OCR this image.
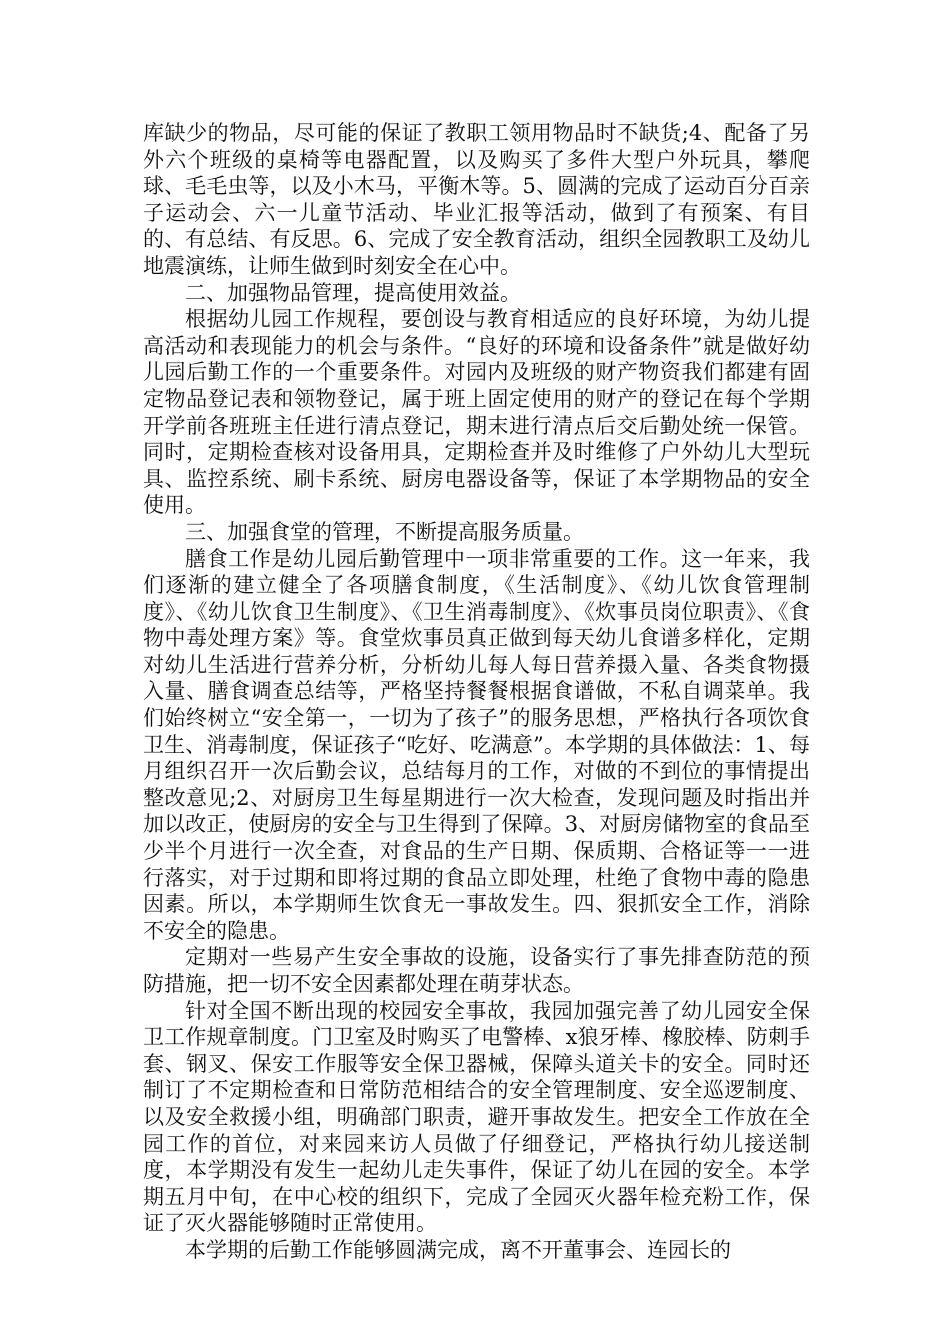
库缺少的物品，尽可能的保证了教职工领用物品时不缺货;4、配备了另外六个班级的桌椅等电器配置，以及购买了多件大型户外玩具，攀爬球、毛毛虫等，以及小木马，平衡木等。5、圆满的完成了运动百分百亲子运动会、六一儿童节活动、毕业汇报等活动，做到了有预案、有目的、有总结、有反思。6、完成了安全教育活动，组织全园教职工及幼儿地震演练，让师生做到时刻安全在心中。

二、加强物品管理，提高使用效益。

根据幼儿园工作规程，要创设与教育相适应的良好环境，为幼儿提高活动和表现能力的机会与条件。“良好的环境和设备条件”就是做好幼儿园后勤工作的一个重要条件。对园内及班级的财产物资我们都建有固定物品登记表和领物登记，属于班上固定使用的财产的登记在每个学期开学前各班班主任进行清点登记，期末进行清点后交后勤处统一保管。同时，定期检查核对设备用具，定期检查并及时维修了户外幼儿大型玩具、监控系统、刷卡系统、厨房电器设备等，保证了本学期物品的安全使用。

三、加强食堂的管理，不断提高服务质量。

膳食工作是幼儿园后勤管理中一项非常重要的工作。这一年来，我们逐渐的建立健全了各项膳食制度，《生活制度》、《幼儿饮食管理制度》、《幼儿饮食卫生制度》、《卫生消毒制度》、《炊事员岗位职责》、《食物中毒处理方案》等。食堂炊事员真正做到每天幼儿食谱多样化，定期对幼儿生活进行营养分析，分析幼儿每人每日营养摄入量、各类食物摄入量、膳食调查总结等，严格坚持餐餐根据食谱做，不私自调菜单。我们始终树立“安全第一，一切为了孩子”的服务思想，严格执行各项饮食卫生、消毒制度，保证孩子“吃好、吃满意”。本学期的具体做法：1、每月组织召开一次后勤会议，总结每月的工作，对做的不到位的事情提出整改意见;2、对厨房卫生每星期进行一次大检查，发现问题及时指出并加以改正，使厨房的安全与卫生得到了保障。3、对厨房储物室的食品至少半个月进行一次全查，对食品的生产日期、保质期、合格证等一一进行落实，对于过期和即将过期的食品立即处理，杜绝了食物中毒的隐患因素。所以，本学期师生饮食无一事故发生。四、狠抓安全工作，消除不安全的隐患。

定期对一些易产生安全事故的设施，设备实行了事先排查防范的预防措施，把一切不安全因素都处理在萌芽状态。

针对全国不断出现的校园安全事故，我园加强完善了幼儿园安全保卫工作规章制度。门卫室及时购买了电警棒、x狼牙棒、橡胶棒、防刺手套、钢叉、保安工作服等安全保卫器械，保障头道关卡的安全。同时还制订了不定期检查和日常防范相结合的安全管理制度、安全巡逻制度、以及安全救援小组，明确部门职责，避开事故发生。把安全工作放在全园工作的首位，对来园来访人员做了仔细登记，严格执行幼儿接送制度，本学期没有发生一起幼儿走失事件，保证了幼儿在园的安全。本学期五月中旬，在中心校的组织下，完成了全园灭火器年检充粉工作，保证了灭火器能够随时正常使用。

本学期的后勤工作能够圆满完成，离不开董事会、连园长的
